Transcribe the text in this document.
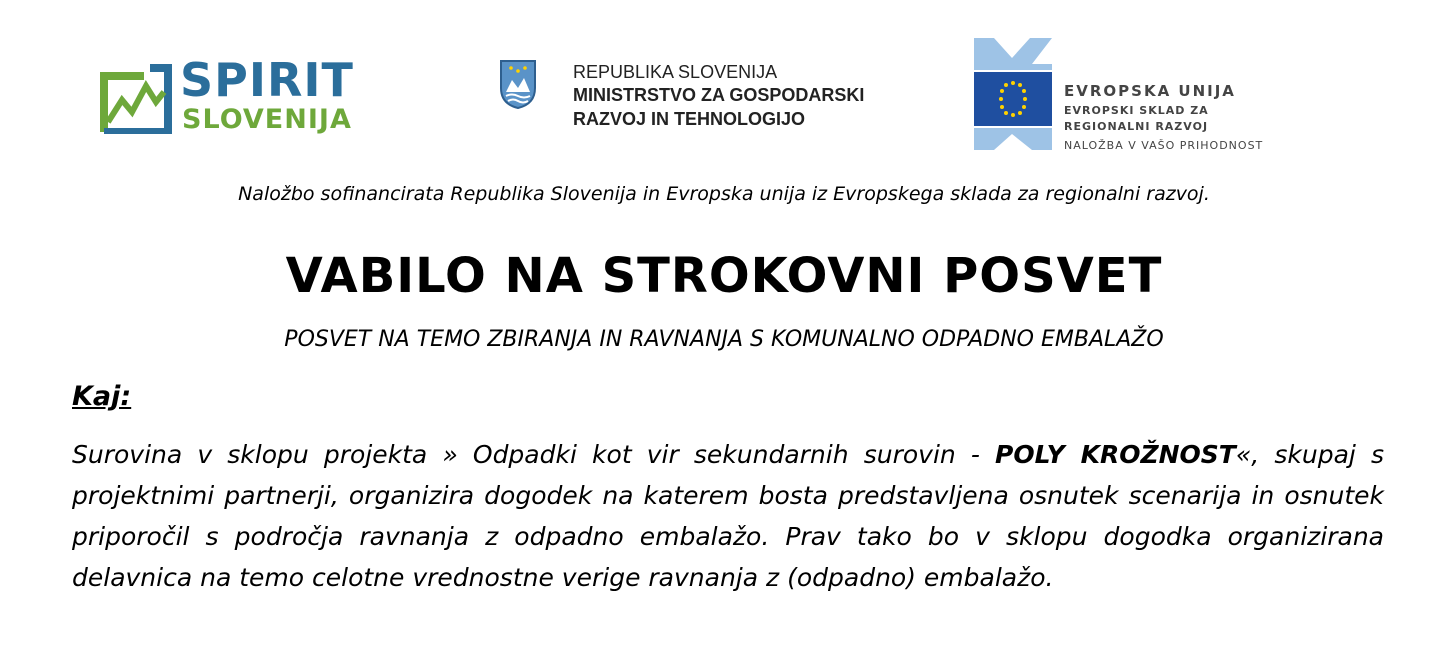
SPIRIT
SLOVENIJA
REPUBLIKA SLOVENIJA
MINISTRSTVO ZA GOSPODARSKI
RAZVOJ IN TEHNOLOGIJO
EVROPSKA UNIJA
EVROPSKI SKLAD ZA
REGIONALNI RAZVOJ
NALOŽBA V VAŠO PRIHODNOST
Naložbo sofinancirata Republika Slovenija in Evropska unija iz Evropskega sklada za regionalni razvoj.
VABILO NA STROKOVNI POSVET
POSVET NA TEMO ZBIRANJA IN RAVNANJA S KOMUNALNO ODPADNO EMBALAŽO
Kaj:
Surovina v sklopu projekta » Odpadki kot vir sekundarnih surovin - POLY KROŽNOST«, skupaj s projektnimi partnerji, organizira dogodek na katerem bosta predstavljena osnutek scenarija in osnutek priporočil s področja ravnanja z odpadno embalažo. Prav tako bo v sklopu dogodka organizirana delavnica na temo celotne vrednostne verige ravnanja z (odpadno) embalažo.
